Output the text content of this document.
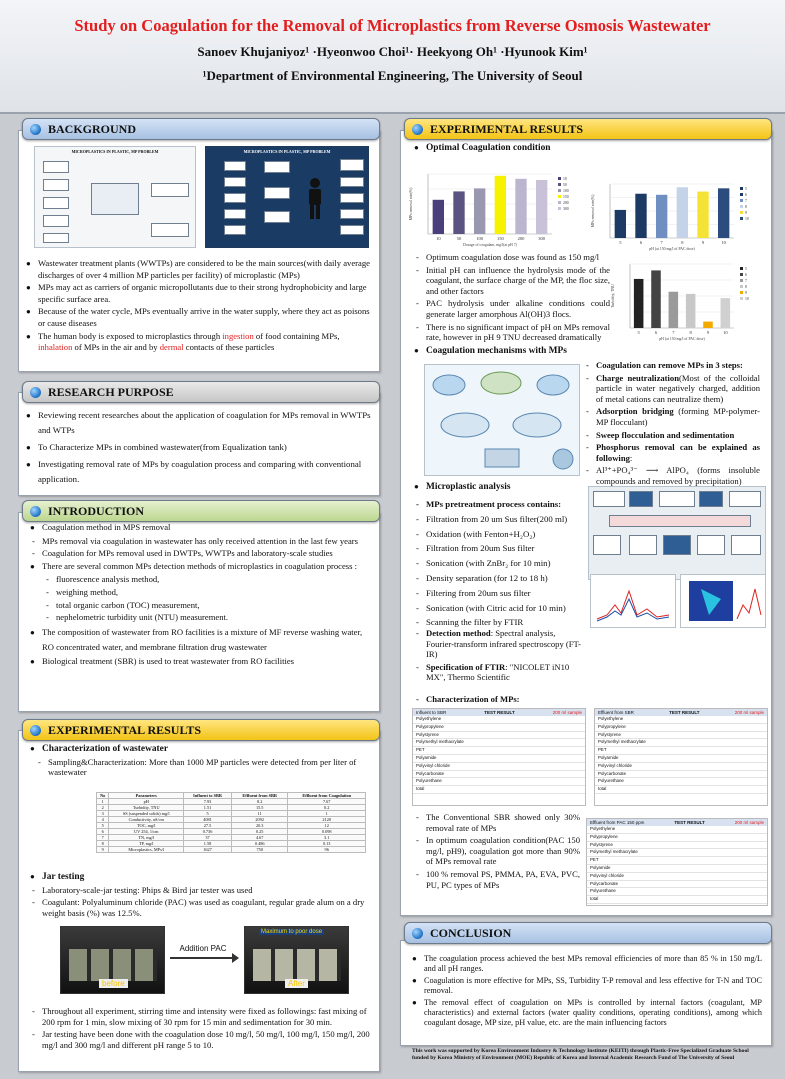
Study on Coagulation for the Removal of Microplastics from Reverse Osmosis Wastewater
Sanoev Khujaniyoz¹ ·Hyeonwoo Choi¹· Heekyong Oh¹ ·Hyunook Kim¹
¹Department of Environmental Engineering, The University of Seoul
BACKGROUND
MICROPLASTICS IN PLASTIC, MP PROBLEM	MICROPLASTICS IN PLASTIC, MP PROBLEM

● Wastewater treatment plants (WWTPs) are considered to be the main sources(with daily average discharges of over 4 million MP particles per facility) of microplastic (MPs)

● MPs may act as carriers of organic micropollutants due to their strong hydrophobicity and large specific surface area.

● Because of the water cycle, MPs eventually arrive in the water supply, where they act as poisons or cause diseases

● The human body is exposed to microplastics through ingestion of food containing MPs, inhalation of MPs in the air and by dermal contacts of these particles

RESEARCH PURPOSE

● Reviewing recent researches about the application of coagulation for MPs removal in WWTPs and WTPs

● To Characterize MPs in combined wastewater(from Equalization tank)

● Investigating removal rate of MPs by coagulation process and comparing with conventional application.

INTRODUCTION

● Coagulation method in MPS removal

- MPs removal via coagulation in wastewater has only received attention in the last few years

- Coagulation for MPs removal used in DWTPs, WWTPs and laboratory-scale studies

● There are several common MPs detection methods of microplastics in coagulation process :

- fluorescence analysis method,

- weighing method,

- total organic carbon (TOC) measurement,

- nephelometric turbidity unit (NTU) measurement.

● The composition of wastewater from RO facilities is a mixture of MF reverse washing water, RO concentrated water, and membrane filtration drug wastewater

● Biological treatment (SBR) is used to treat wastewater from RO facilities

EXPERIMENTAL RESULTS

● Characterization of wastewater

- Sampling&Characterization: More than 1000 MP particles were detected from per liter of wastewater

No	Parameters	Influent to SBR	Effluent from SBR	Effluent from Coagulation
1	pH	7.93	8.2	7.67
2	Turbidity, TNU	1.51	15.5	0.2
3	SS (suspended solids) mg/l	5	11	1
4	Conductivity, uS/cm	4081	2092	2120
5	TOC, mg/l	27.5	20.3	12
6	UV 254, 1/cm	0.736	0.25	0.098
7	TN, mg/l	37	4.67	3.1
8	TP, mg/l	1.58	0.486	0.13
9	Microplastics, MPs/l	1627	750	96

● Jar testing

- Laboratory-scale-jar testing: Phips & Bird jar tester was used

- Coagulant: Polyaluminum chloride (PAC) was used as coagulant, regular grade alum on a dry weight basis (%) was 12.5%.

before
Addition PAC
Maximum to poor dose
After

- Throughout all experiment, stirring time and intensity were fixed as followings: fast mixing of 200 rpm for 1 min, slow mixing of 30 rpm for 15 min and sedimentation for 30 min.

- Jar testing have been done with the coagulation dose 10 mg/l, 50 mg/l, 100 mg/l, 150 mg/l, 200 mg/l and 300 mg/l and different pH range 5 to 10.

EXPERIMENTAL RESULTS

● Optimal Coagulation condition

10
10
50
50
100
100
150
150
200
200
300
300
Dosage of coagulant, mg/l(at pH 7)
MPs removal rate(%)
5
5
6
6
7
7
8
8
9
9
10
10
pH (at 150 mg/l of PAC dose)
MPs removal rate(%)
5
5
6
6
7
7
8
8
9
9
10
10
pH (at 150 mg/l of PAC dose)
Turbidity, TNU

- Optimum coagulation dose was found as 150 mg/l

- Initial pH can influence the hydrolysis mode of the coagulant, the surface charge of the MP, the floc size, and other factors

- PAC hydrolysis under alkaline conditions could generate larger amorphous Al(OH)3 flocs.

- There is no significant impact of pH on MPs removal rate, however in pH 9 TNU decreased dramatically

● Coagulation mechanisms with MPs

- Coagulation can remove MPs in 3 steps:

- Charge neutralization(Most of the colloidal particle in water negatively charged, addition of metal cations can neutralize them)

- Adsorption bridging (forming MP-polymer-MP flocculant)

- Sweep flocculation and sedimentation

- Phosphorus removal can be explained as following:

- Al³⁺+PO₄³⁻ ⟶ AlPO₄ (forms insoluble compounds and removed by precipitation)

● Microplastic analysis

- MPs pretreatment process contains:

- Filtration from 20 um Sus filter(200 ml)

- Oxidation (with Fenton+H₂O₂)

- Filtration from 20um Sus filter

- Sonication (with ZnBr₂ for 10 min)

- Density separation (for 12 to 18 h)

- Filtering from 20um sus filter

- Sonication (with Citric acid for 10 min)

- Scanning the filter by FTIR

- Detection method: Spectral analysis, Fourier-transform infrared spectroscopy (FT-IR)

- Specification of FTIR: "NICOLET iN10 MX", Thermo Scientific

- Characterization of MPs:

Influent to SBR	TEST RESULT	200 ml sample
Polyethylene
Polypropylene
Polystyrene
Polymethyl methacrylate
PET
Polyamide
Polyvinyl chloride
Polycarbonate
Polyurethane
total
Effluent from SBR	TEST RESULT	200 ml sample
Polyethylene
Polypropylene
Polystyrene
Polymethyl methacrylate
PET
Polyamide
Polyvinyl chloride
Polycarbonate
Polyurethane
total
Effluent from PAC 150 ppm	TEST RESULT	200 ml sample
Polyethylene
Polypropylene
Polystyrene
Polymethyl methacrylate
PET
Polyamide
Polyvinyl chloride
Polycarbonate
Polyurethane
total

- The Conventional SBR showed only 30% removal rate of MPs

- In optimum coagulation condition(PAC 150 mg/l, pH9), coagulation got more than 90% of MPs removal rate

- 100 % removal PS, PMMA, PA, EVA, PVC, PU, PC types of MPs

CONCLUSION

● The coagulation process achieved the best MPs removal efficiencies of more than 85 % in 150 mg/L and all pH ranges.

● Coagulation is more effective for MPs, SS, Turbidity T-P removal and less effective for T-N and TOC removal.

● The removal effect of coagulation on MPs is controlled by internal factors (coagulant, MP characteristics) and external factors (water quality conditions, operating conditions), among which coagulant dosage, MP size, pH value, etc. are the main influencing factors

This work was supported by Korea Environment Industry & Technology Institute (KEITI) through Plastic-Free Specialized Graduate School funded by Korea Ministry of Environment (MOE) Republic of Korea and Internal Academic Research Fund of The University of Seoul
